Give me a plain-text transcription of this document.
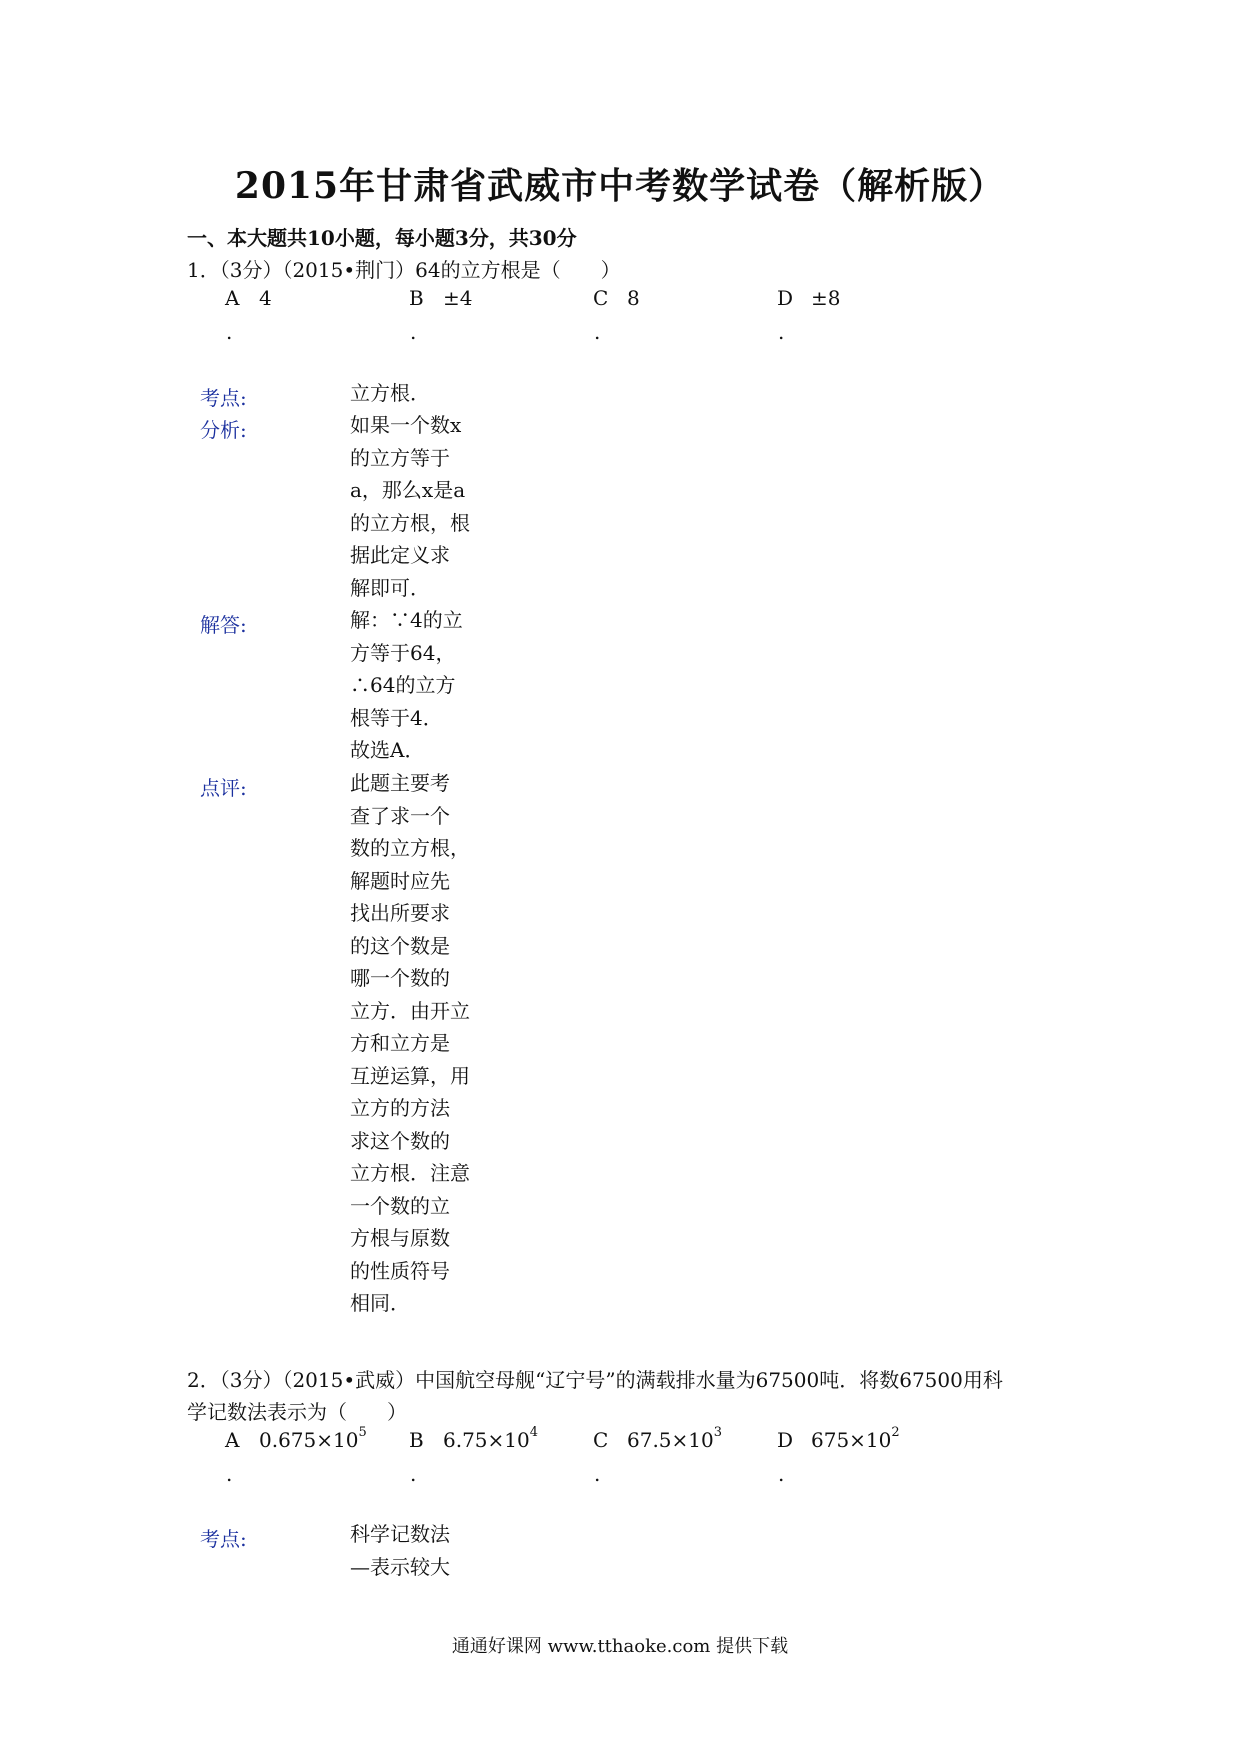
2015年甘肃省武威市中考数学试卷（解析版）
一、本大题共10小题，每小题3分，共30分
1．（3分）（2015•荆门）64的立方根是（　　）
A 4	B ±4	C 8	D ±8
.	.	.	.
考点:	立方根．
分析:	如果一个数x
的立方等于
a，那么x是a
的立方根，根
据此定义求
解即可．
解答:	解：∵4的立
方等于64，
∴64的立方
根等于4．
故选A．
点评:	此题主要考
查了求一个
数的立方根，
解题时应先
找出所要求
的这个数是
哪一个数的
立方．由开立
方和立方是
互逆运算，用
立方的方法
求这个数的
立方根．注意
一个数的立
方根与原数
的性质符号
相同．
2．（3分）（2015•武威）中国航空母舰“辽宁号”的满载排水量为67500吨．将数67500用科
学记数法表示为（　　）
A $0.675\times 10^5$ B $6.75\times 10^4$	C $67.5\times 10^3$	D $675\times 10^2$
.	.	.	.
考点:	科学记数法
—表示较大
通通好课网 www.tthaoke.com 提供下载
